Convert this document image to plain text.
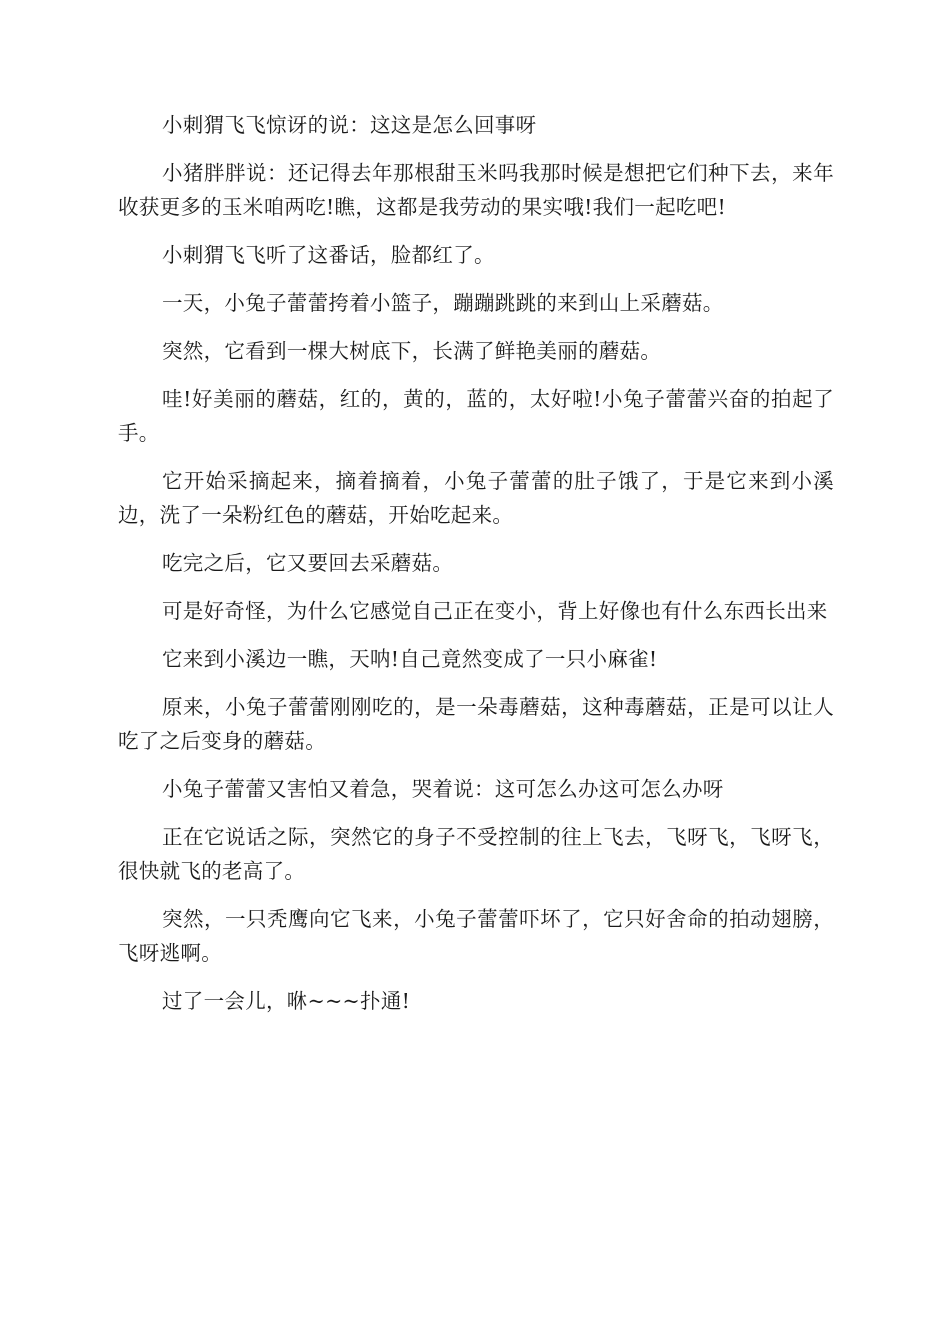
小刺猬飞飞惊讶的说：这这是怎么回事呀

小猪胖胖说：还记得去年那根甜玉米吗我那时候是想把它们种下去，来年收获更多的玉米咱两吃!瞧，这都是我劳动的果实哦!我们一起吃吧!

小刺猬飞飞听了这番话，脸都红了。

一天，小兔子蕾蕾挎着小篮子，蹦蹦跳跳的来到山上采蘑菇。

突然，它看到一棵大树底下，长满了鲜艳美丽的蘑菇。

哇!好美丽的蘑菇，红的，黄的，蓝的，太好啦!小兔子蕾蕾兴奋的拍起了手。

它开始采摘起来，摘着摘着，小兔子蕾蕾的肚子饿了，于是它来到小溪边，洗了一朵粉红色的蘑菇，开始吃起来。

吃完之后，它又要回去采蘑菇。

可是好奇怪，为什么它感觉自己正在变小，背上好像也有什么东西长出来

它来到小溪边一瞧，天呐!自己竟然变成了一只小麻雀!

原来，小兔子蕾蕾刚刚吃的，是一朵毒蘑菇，这种毒蘑菇，正是可以让人吃了之后变身的蘑菇。

小兔子蕾蕾又害怕又着急，哭着说：这可怎么办这可怎么办呀

正在它说话之际，突然它的身子不受控制的往上飞去，飞呀飞，飞呀飞，很快就飞的老高了。

突然，一只秃鹰向它飞来，小兔子蕾蕾吓坏了，它只好舍命的拍动翅膀，飞呀逃啊。

过了一会儿，咻~~~扑通!
